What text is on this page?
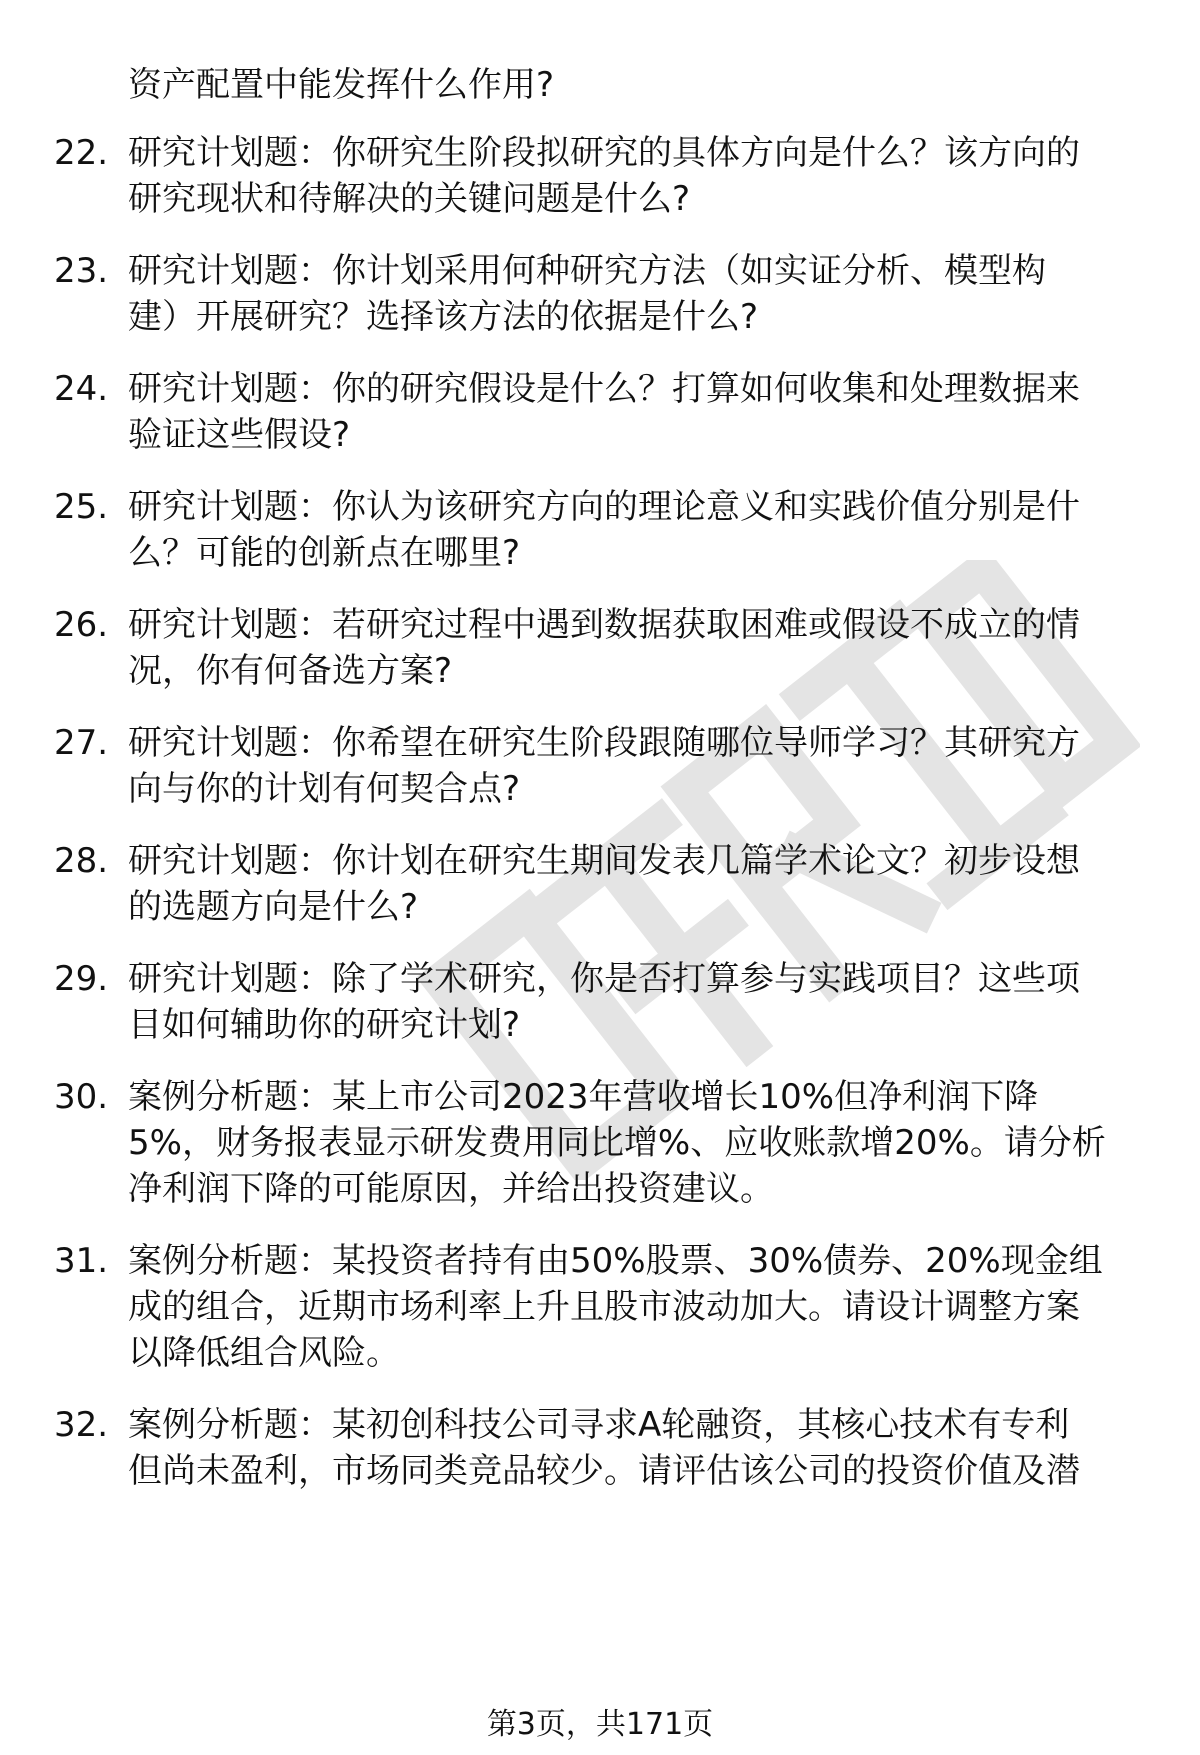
资产配置中能发挥什么作用?
22. 研究计划题：你研究生阶段拟研究的具体方向是什么？该方向的
研究现状和待解决的关键问题是什么?
23. 研究计划题：你计划采用何种研究方法（如实证分析、模型构
建）开展研究？选择该方法的依据是什么?
24. 研究计划题：你的研究假设是什么？打算如何收集和处理数据来
验证这些假设?
25. 研究计划题：你认为该研究方向的理论意义和实践价值分别是什
么？可能的创新点在哪里?
26. 研究计划题：若研究过程中遇到数据获取困难或假设不成立的情
况，你有何备选方案?
27. 研究计划题：你希望在研究生阶段跟随哪位导师学习？其研究方
向与你的计划有何契合点?
28. 研究计划题：你计划在研究生期间发表几篇学术论文？初步设想
的选题方向是什么?
29. 研究计划题：除了学术研究，你是否打算参与实践项目？这些项
目如何辅助你的研究计划?
30. 案例分析题：某上市公司2023年营收增长10%但净利润下降
5%，财务报表显示研发费用同比增%、应收账款增20%。请分析
净利润下降的可能原因，并给出投资建议。
31. 案例分析题：某投资者持有由50%股票、30%债券、20%现金组
成的组合，近期市场利率上升且股市波动加大。请设计调整方案
以降低组合风险。
32. 案例分析题：某初创科技公司寻求A轮融资，其核心技术有专利
但尚未盈利，市场同类竞品较少。请评估该公司的投资价值及潜
第3页，共171页
